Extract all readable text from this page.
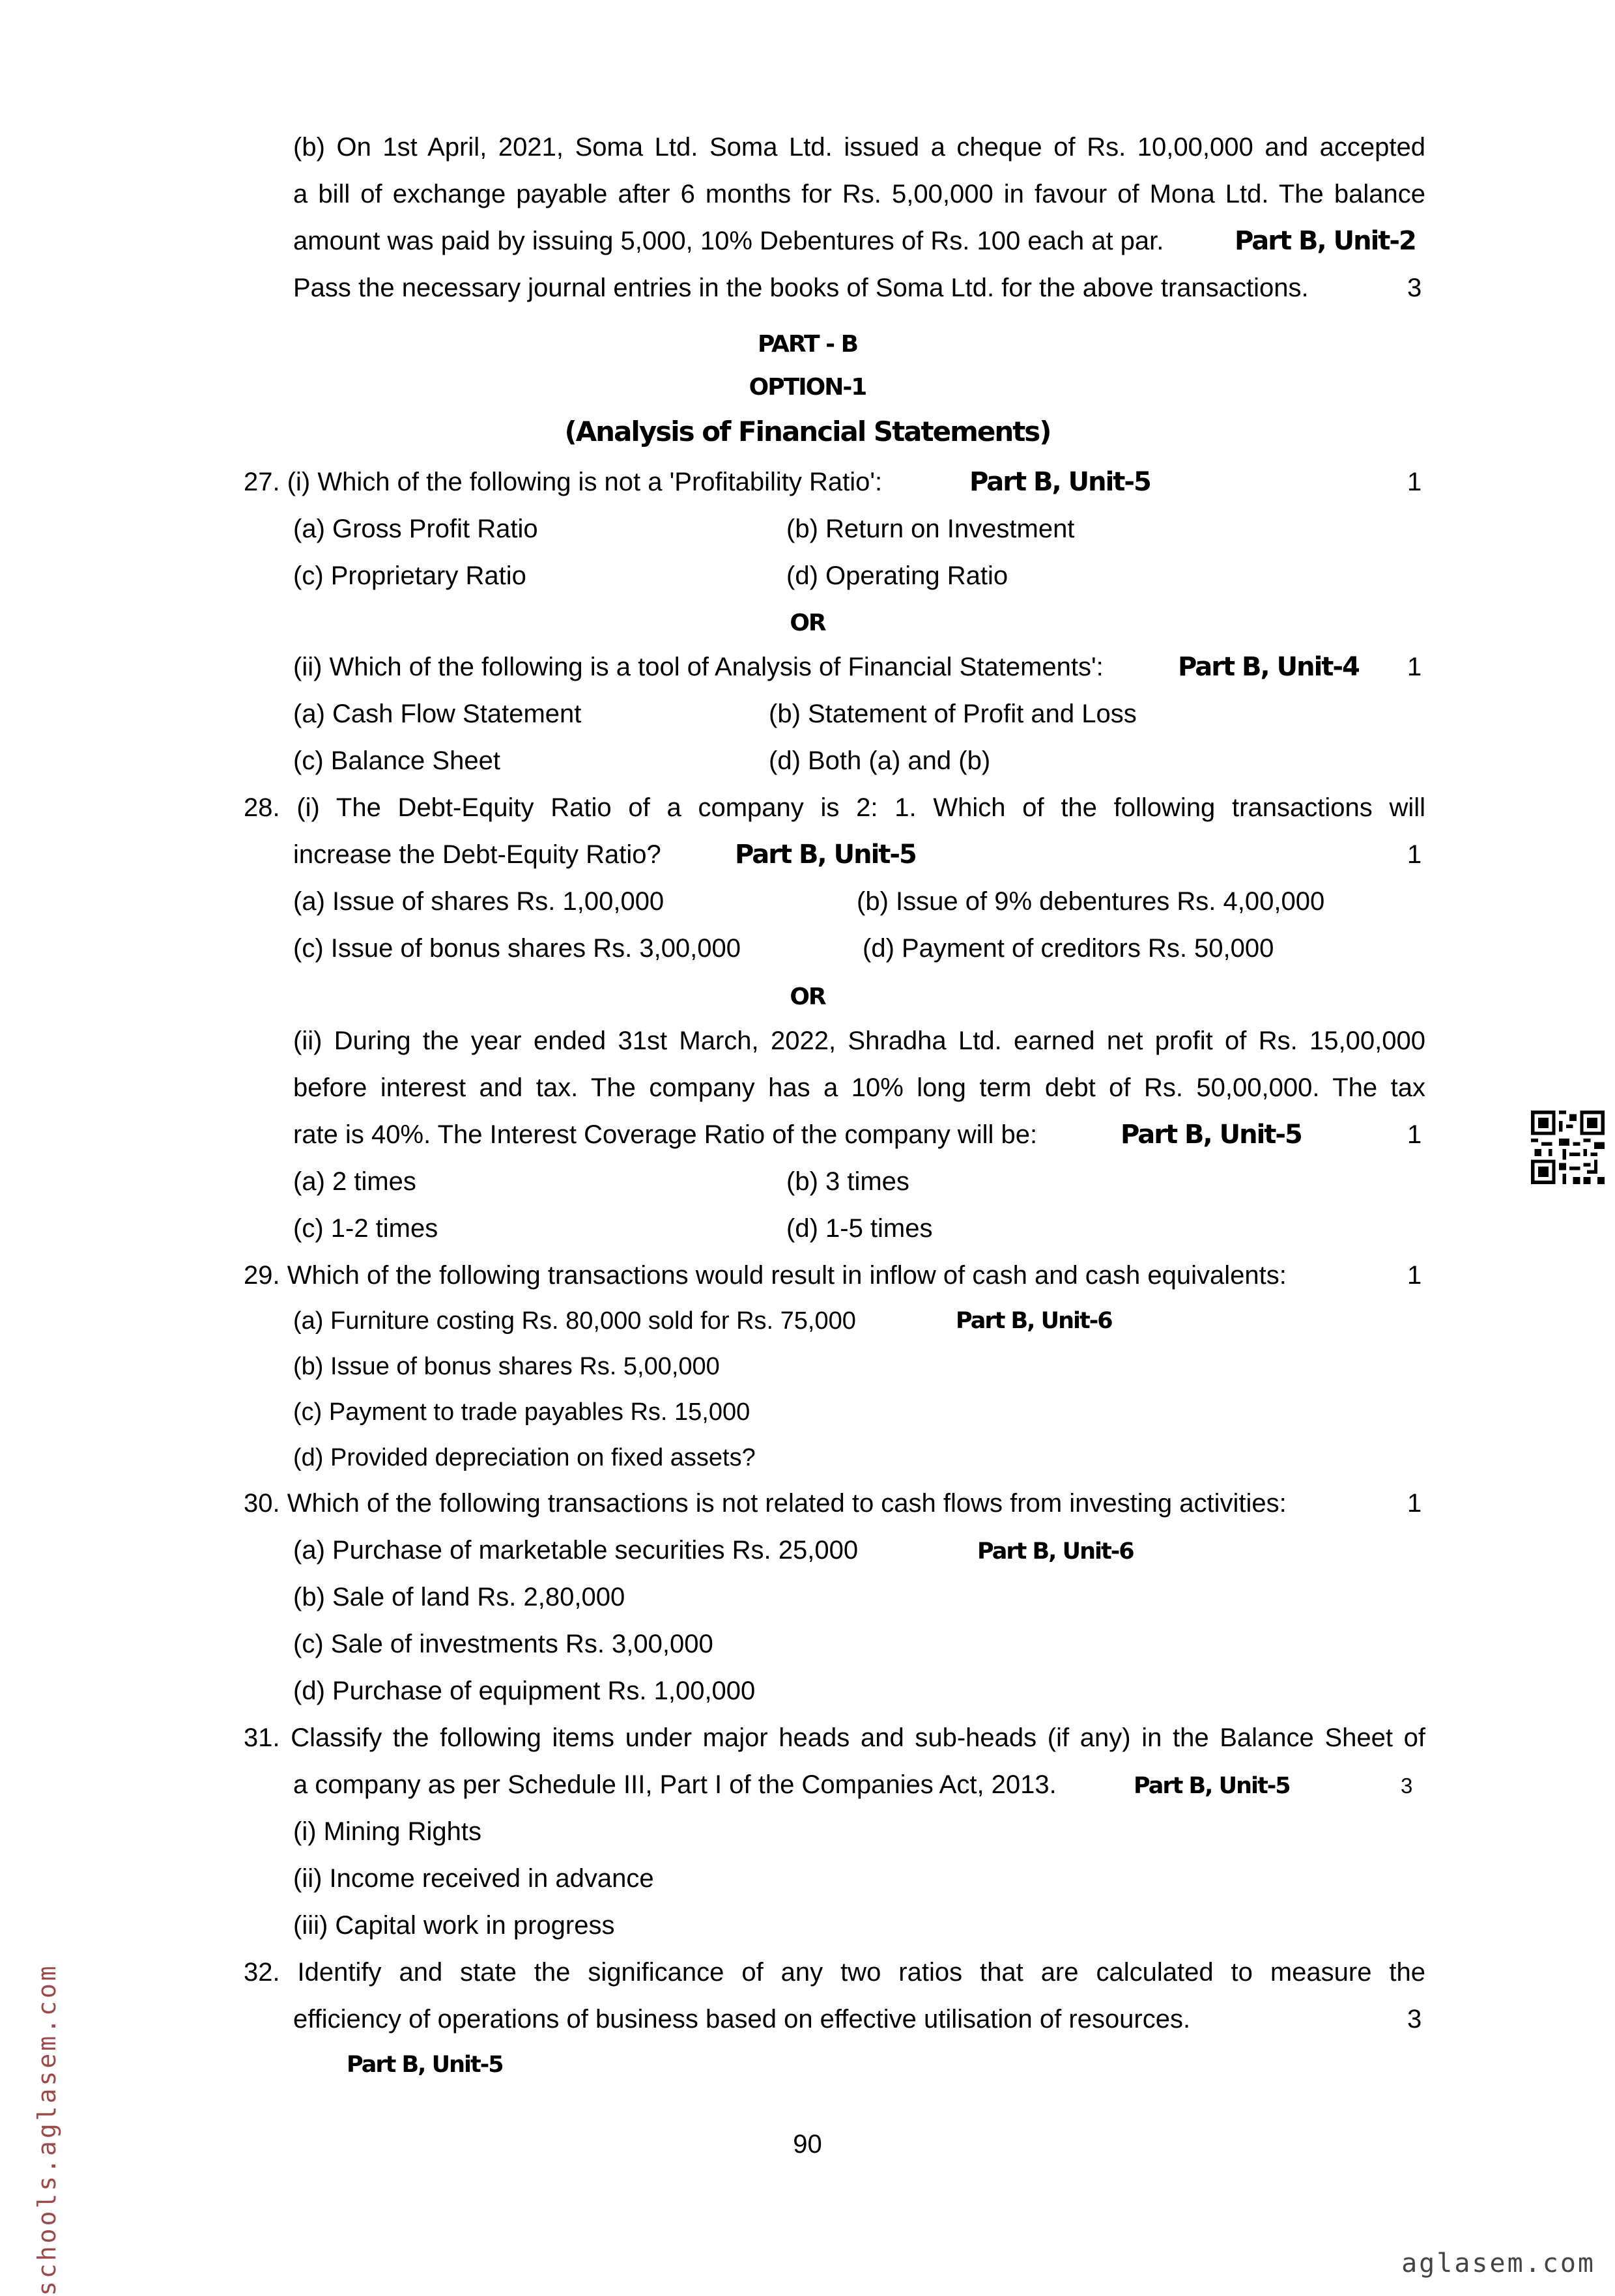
(b) On 1st April, 2021, Soma Ltd. Soma Ltd. issued a cheque of Rs. 10,00,000 and accepted
a bill of exchange payable after 6 months for Rs. 5,00,000 in favour of Mona Ltd. The balance
amount was paid by issuing 5,000, 10% Debentures of Rs. 100 each at par.	Part B, Unit-2
Pass the necessary journal entries in the books of Soma Ltd. for the above transactions.	3
PART - B
OPTION-1
(Analysis of Financial Statements)
27. (i) Which of the following is not a 'Profitability Ratio':	Part B, Unit-5	1
(a) Gross Profit Ratio	(b) Return on Investment
(c) Proprietary Ratio	(d) Operating Ratio
OR
(ii) Which of the following is a tool of Analysis of Financial Statements':	Part B, Unit-4 1
(a) Cash Flow Statement	(b) Statement of Profit and Loss
(c) Balance Sheet	(d) Both (a) and (b)
28. (i) The Debt-Equity Ratio of a company is 2: 1. Which of the following transactions will
increase the Debt-Equity Ratio?	Part B, Unit-5	1
(a) Issue of shares Rs. 1,00,000	(b) Issue of 9% debentures Rs. 4,00,000
(c) Issue of bonus shares Rs. 3,00,000	(d) Payment of creditors Rs. 50,000
OR
(ii) During the year ended 31st March, 2022, Shradha Ltd. earned net profit of Rs. 15,00,000
before interest and tax. The company has a 10% long term debt of Rs. 50,00,000. The tax
rate is 40%. The Interest Coverage Ratio of the company will be:	Part B, Unit-5	1
(a) 2 times	(b) 3 times
(c) 1-2 times	(d) 1-5 times
29. Which of the following transactions would result in inflow of cash and cash equivalents:	1
(a) Furniture costing Rs. 80,000 sold for Rs. 75,000	Part B, Unit-6
(b) Issue of bonus shares Rs. 5,00,000
(c) Payment to trade payables Rs. 15,000
(d) Provided depreciation on fixed assets?
30. Which of the following transactions is not related to cash flows from investing activities:	1
(a) Purchase of marketable securities Rs. 25,000	Part B, Unit-6
(b) Sale of land Rs. 2,80,000
(c) Sale of investments Rs. 3,00,000
(d) Purchase of equipment Rs. 1,00,000
31. Classify the following items under major heads and sub-heads (if any) in the Balance Sheet of
a company as per Schedule III, Part I of the Companies Act, 2013.	Part B, Unit-5	3
(i) Mining Rights
(ii) Income received in advance
(iii) Capital work in progress
32. Identify and state the significance of any two ratios that are calculated to measure the
efficiency of operations of business based on effective utilisation of resources.	3
Part B, Unit-5
90
schools.aglasem.com	aglasem.com
